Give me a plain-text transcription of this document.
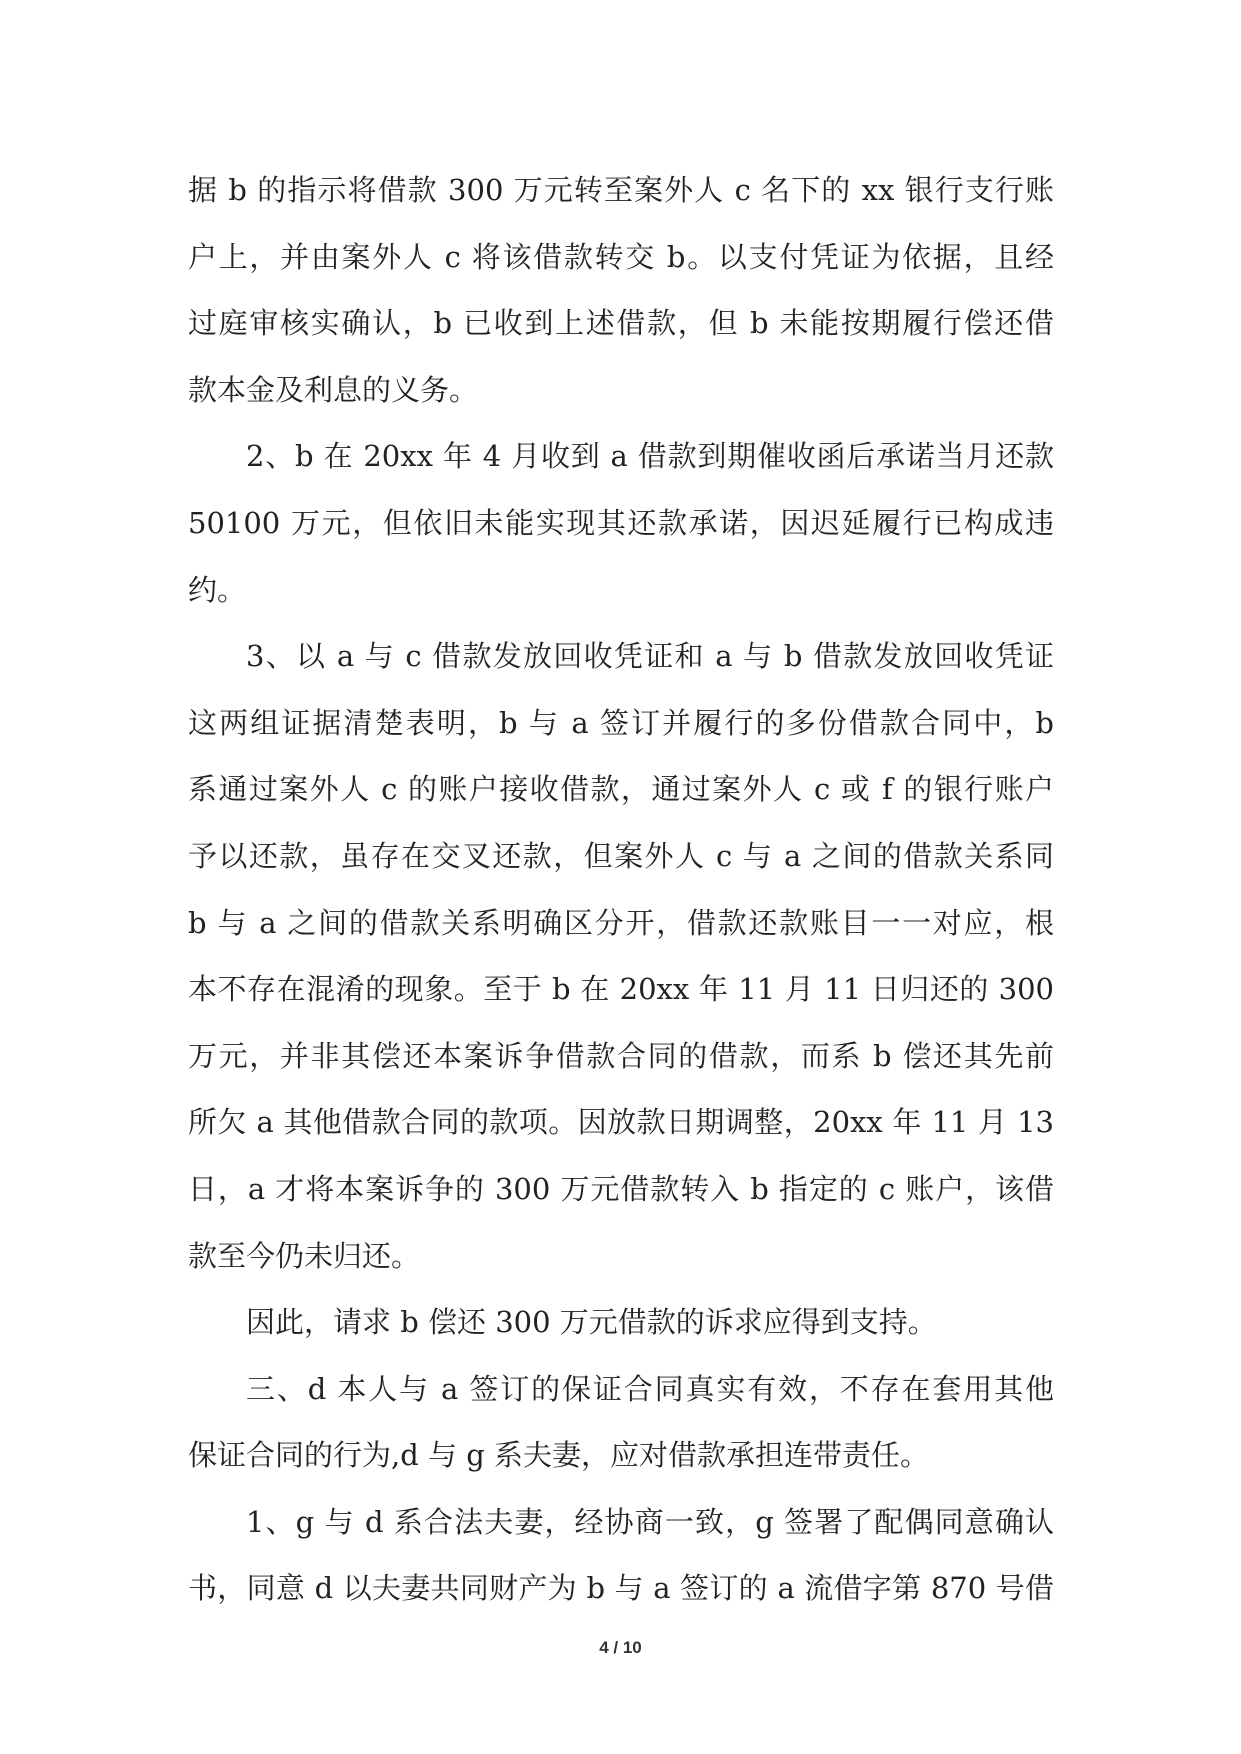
据 b 的指示将借款 300 万元转至案外人 c 名下的 xx 银行支行账
户上，并由案外人 c 将该借款转交 b。以支付凭证为依据，且经
过庭审核实确认，b 已收到上述借款，但 b 未能按期履行偿还借
款本金及利息的义务。
2、b 在 20xx 年 4 月收到 a 借款到期催收函后承诺当月还款
50100 万元，但依旧未能实现其还款承诺，因迟延履行已构成违
约。
3、以 a 与 c 借款发放回收凭证和 a 与 b 借款发放回收凭证
这两组证据清楚表明，b 与 a 签订并履行的多份借款合同中，b
系通过案外人 c 的账户接收借款，通过案外人 c 或 f 的银行账户
予以还款，虽存在交叉还款，但案外人 c 与 a 之间的借款关系同
b 与 a 之间的借款关系明确区分开，借款还款账目一一对应，根
本不存在混淆的现象。至于 b 在 20xx 年 11 月 11 日归还的 300
万元，并非其偿还本案诉争借款合同的借款，而系 b 偿还其先前
所欠 a 其他借款合同的款项。因放款日期调整，20xx 年 11 月 13
日，a 才将本案诉争的 300 万元借款转入 b 指定的 c 账户，该借
款至今仍未归还。
因此，请求 b 偿还 300 万元借款的诉求应得到支持。
三、d 本人与 a 签订的保证合同真实有效，不存在套用其他
保证合同的行为,d 与 g 系夫妻，应对借款承担连带责任。
1、g 与 d 系合法夫妻，经协商一致，g 签署了配偶同意确认
书，同意 d 以夫妻共同财产为 b 与 a 签订的 a 流借字第 870 号借
4 / 10
